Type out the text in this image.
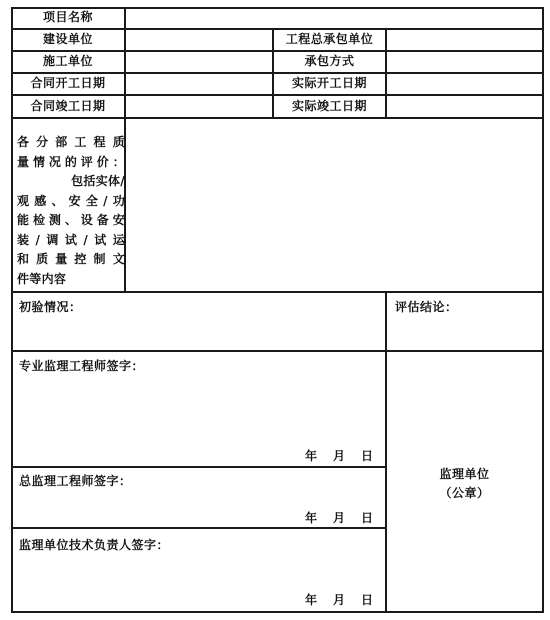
项目名称
建设单位	工程总承包单位
施工单位	承包方式
合同开工日期	实际开工日期
合同竣工日期	实际竣工日期
各分部工程质
量情况的评价：
包括实体/
观感、安全/功
能检测、设备安
装/调试/试运
和质量控制文
件等内容
初验情况：	评估结论：
专业监理工程师签字：
年 月 日
总监理工程师签字：
年 月 日
监理单位技术负责人签字：
年 月 日
监理单位
（公章）
